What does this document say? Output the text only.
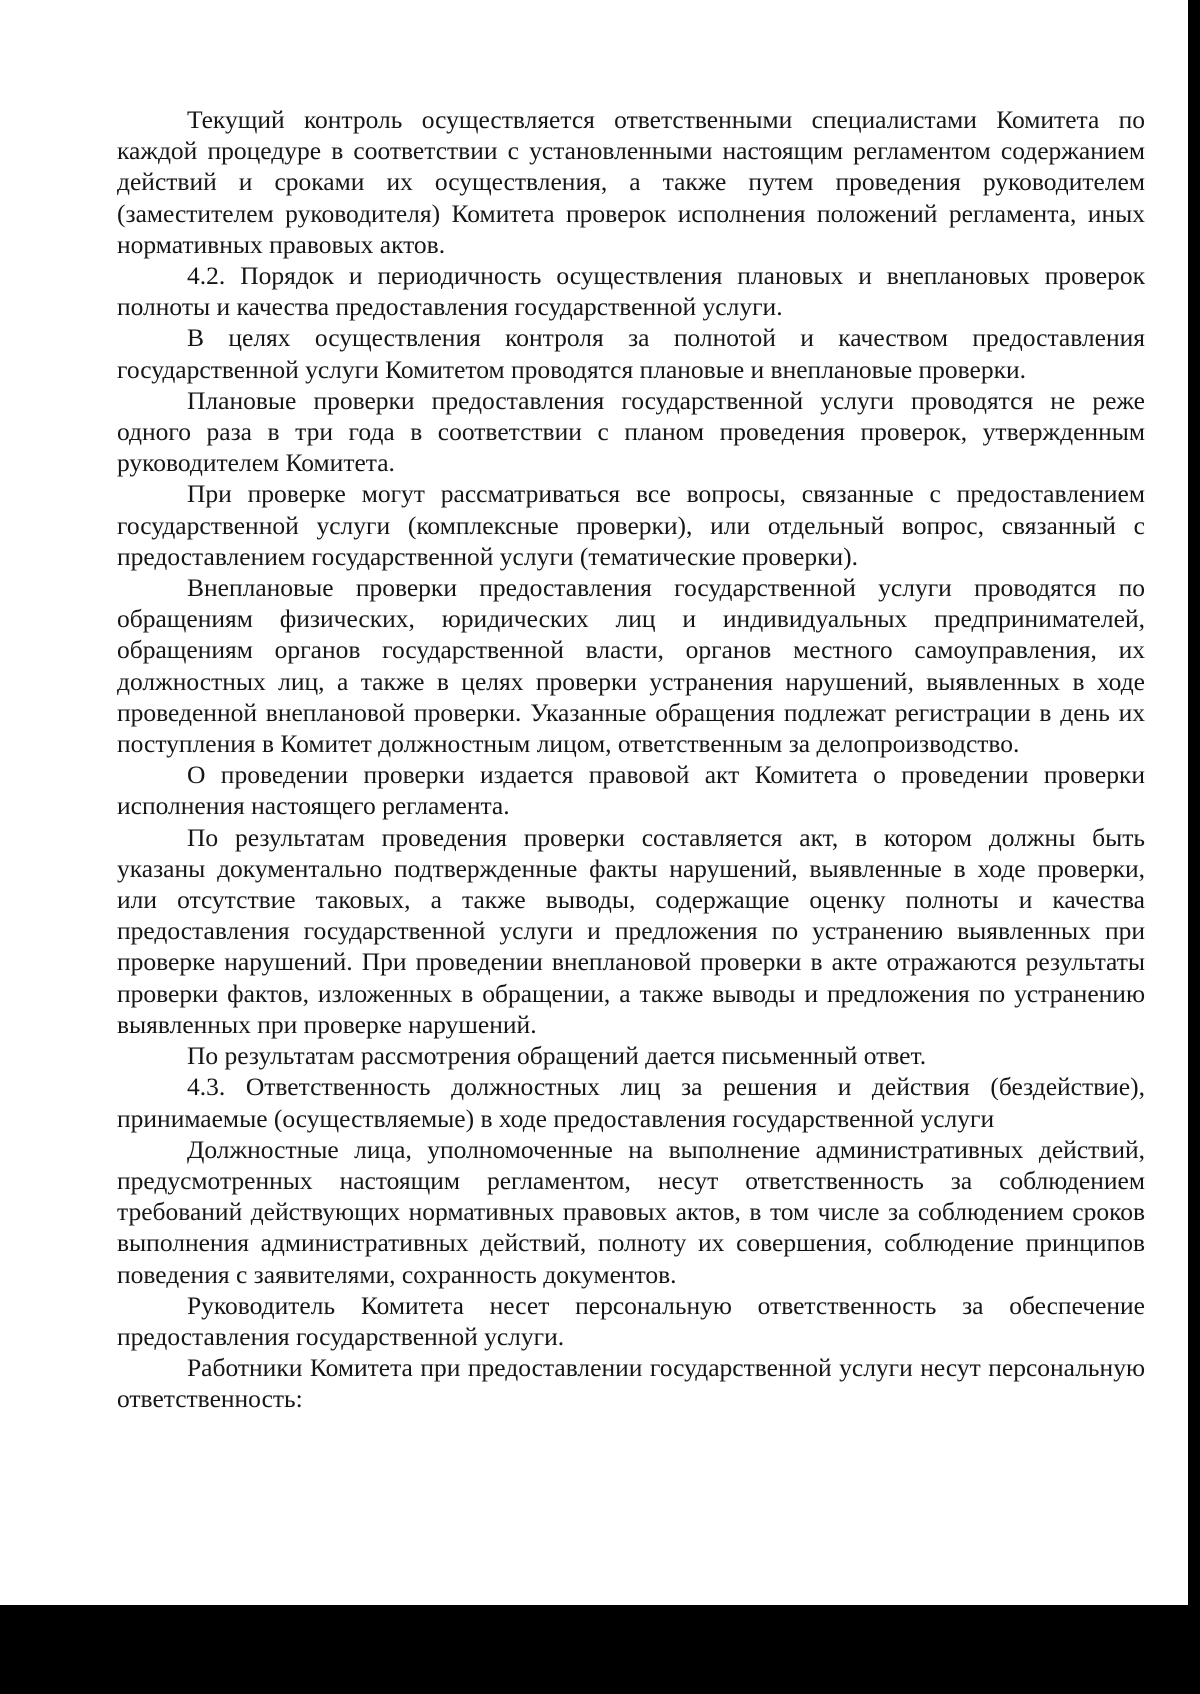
Текущий контроль осуществляется ответственными специалистами Комитета по каждой процедуре в соответствии с установленными настоящим регламентом содержанием действий и сроками их осуществления, а также путем проведения руководителем (заместителем руководителя) Комитета проверок исполнения положений регламента, иных нормативных правовых актов.

4.2. Порядок и периодичность осуществления плановых и внеплановых проверок полноты и качества предоставления государственной услуги.

В целях осуществления контроля за полнотой и качеством предоставления государственной услуги Комитетом проводятся плановые и внеплановые проверки.

Плановые проверки предоставления государственной услуги проводятся не реже одного раза в три года в соответствии с планом проведения проверок, утвержденным руководителем Комитета.

При проверке могут рассматриваться все вопросы, связанные с предоставлением государственной услуги (комплексные проверки), или отдельный вопрос, связанный с предоставлением государственной услуги (тематические проверки).

Внеплановые проверки предоставления государственной услуги проводятся по обращениям физических, юридических лиц и индивидуальных предпринимателей, обращениям органов государственной власти, органов местного самоуправления, их должностных лиц, а также в целях проверки устранения нарушений, выявленных в ходе проведенной внеплановой проверки. Указанные обращения подлежат регистрации в день их поступления в Комитет должностным лицом, ответственным за делопроизводство.

О проведении проверки издается правовой акт Комитета о проведении проверки исполнения настоящего регламента.

По результатам проведения проверки составляется акт, в котором должны быть указаны документально подтвержденные факты нарушений, выявленные в ходе проверки, или отсутствие таковых, а также выводы, содержащие оценку полноты и качества предоставления государственной услуги и предложения по устранению выявленных при проверке нарушений. При проведении внеплановой проверки в акте отражаются результаты проверки фактов, изложенных в обращении, а также выводы и предложения по устранению выявленных при проверке нарушений.

По результатам рассмотрения обращений дается письменный ответ.

4.3. Ответственность должностных лиц за решения и действия (бездействие), принимаемые (осуществляемые) в ходе предоставления государственной услуги

Должностные лица, уполномоченные на выполнение административных действий, предусмотренных настоящим регламентом, несут ответственность за соблюдением требований действующих нормативных правовых актов, в том числе за соблюдением сроков выполнения административных действий, полноту их совершения, соблюдение принципов поведения с заявителями, сохранность документов.

Руководитель Комитета несет персональную ответственность за обеспечение предоставления государственной услуги.

Работники Комитета при предоставлении государственной услуги несут персональную ответственность:
